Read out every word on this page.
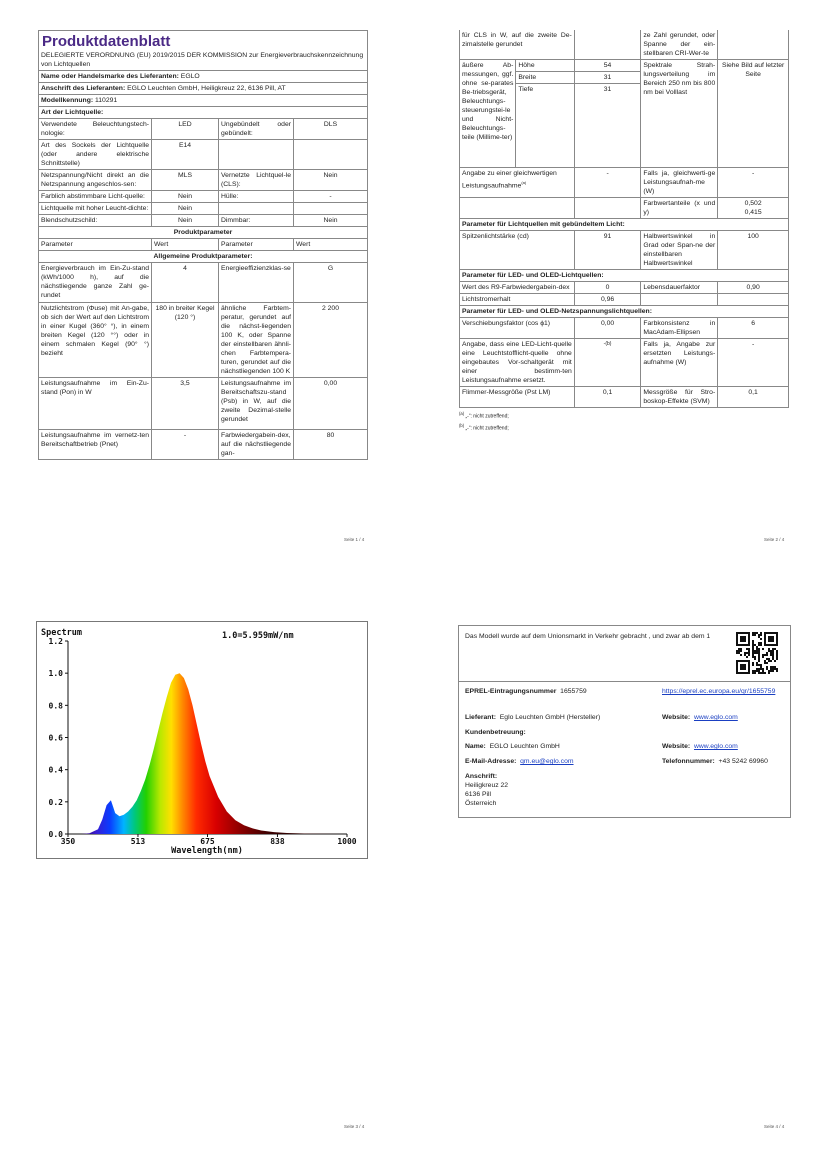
Produktdatenblatt
DELEGIERTE VERORDNUNG (EU) 2019/2015 DER KOMMISSION zur Energieverbrauchskennzeichnung von Lichtquellen			
Name oder Handelsmarke des Lieferanten: EGLO			
Anschrift des Lieferanten: EGLO Leuchten GmbH, Heiligkreuz 22, 6136 Pill, AT			
Modellkennung: 110291			
Art der Lichtquelle:			
Verwendete Beleuchtungstech-nologie:	LED	Ungebündelt oder gebündelt:	DLS
Art des Sockels der Lichtquelle (oder andere elektrische Schnittstelle)	E14		
Netzspannung/Nicht direkt an die Netzspannung angeschlos-sen:	MLS	Vernetzte Lichtquel-le (CLS):	Nein
Farblich abstimmbare Licht-quelle:	Nein	Hülle:	-
Lichtquelle mit hoher Leucht-dichte:	Nein		
Blendschutzschild:	Nein	Dimmbar:	Nein
Produktparameter			
Parameter	Wert	Parameter	Wert
Allgemeine Produktparameter:			
Energieverbrauch im Ein-Zu-stand (kWh/1000 h), auf die nächstliegende ganze Zahl ge-rundet	4	Energieeffizienzklas-se	G
Nutzlichtstrom (Φuse) mit An-gabe, ob sich der Wert auf den Lichtstrom in einer Kugel (360° °), in einem breiten Kegel (120 °°) oder in einem schmalen Kegel (90° °) bezieht	180 in breiter Kegel (120 °)	ähnliche Farbtem-peratur, gerundet auf die nächst-liegenden 100 K, oder Spanne der einstellbaren ähnli-chen Farbtempera-turen, gerundet auf die nächstliegenden 100 K	2 200
Leistungsaufnahme im Ein-Zu-stand (Pon) in W	3,5	Leistungsaufnahme im Bereitschaftszu-stand (Psb) in W, auf die zweite Dezimal-stelle gerundet	0,00
Leistungsaufnahme im vernetz-ten Bereitschaftbetrieb (Pnet)	-	Farbwiedergabein-dex, auf die nächstliegende gan-	80
Seite 1 / 4
für CLS in W, auf die zweite De-zimalstelle gerundet			ze Zahl gerundet, oder Spanne der ein-stellbaren CRI-Wer-te	
äußere Ab-messungen, ggf. ohne se-parates Be-triebsgerät, Beleuchtungs-steuerungstei-le und Nicht-Beleuchtungs-teile (Millime-ter)	Höhe	54	Spektrale Strah-lungsverteilung im Bereich 250 nm bis 800 nm bei Volllast	Siehe Bild auf letzter Seite
	Breite	31		
	Tiefe	31		
Angabe zu einer gleichwertigen Leistungsaufnahme$^{(a)}$		-	Falls ja, gleichwerti-ge Leistungsaufnah-me (W)	-
			Farbwertanteile (x und y)	0,502
0,415

Parameter für Lichtquellen mit gebündeltem Licht:				
Spitzenlichtstärke (cd)		91	Halbwertswinkel in Grad oder Span-ne der einstellbaren Halbwertswinkel	100
Parameter für LED- und OLED-Lichtquellen:				
Wert des R9-Farbwiedergabein-dex		0	Lebensdauerfaktor	0,90
Lichtstromerhalt		0,96		
Parameter für LED- und OLED-Netzspannungslichtquellen:				
Verschiebungsfaktor (cos ϕ1)		0,00	Farbkonsistenz in MacAdam-Ellipsen	6
Angabe, dass eine LED-Licht-quelle eine Leuchtstofflicht-quelle ohne eingebautes Vor-schaltgerät mit einer bestimm-ten Leistungsaufnahme ersetzt.		-(b)	Falls ja, Angabe zur ersetzten Leistungs-aufnahme (W)	-
Flimmer-Messgröße (Pst LM)		0,1	Messgröße für Stro-boskop-Effekte (SVM)	0,1
$^{(a)}$ „-“: nicht zutreffend;
$^{(b)}$ „-“: nicht zutreffend;
Seite 2 / 4
0.0
0.2
0.4
0.6
0.8
1.0
1.2
350	513	675	838	1000
Spectrum	1.0=5.959mW/nm
Wavelength(nm)
Seite 3 / 4
Das Modell wurde auf dem Unionsmarkt in Verkehr gebracht , und zwar ab dem 1
EPREL-Eintragungsnummer 1655759	https://eprel.ec.europa.eu/qr/1655759
Lieferant: Eglo Leuchten GmbH (Hersteller)	Website: www.eglo.com
Kundenbetreuung:
Name: EGLO Leuchten GmbH	Website: www.eglo.com
E-Mail-Adresse: qm.eu@eglo.com	Telefonnummer: +43 5242 69960
Anschrift:
Heiligkreuz 22
6136 Pill
Österreich
Seite 4 / 4
